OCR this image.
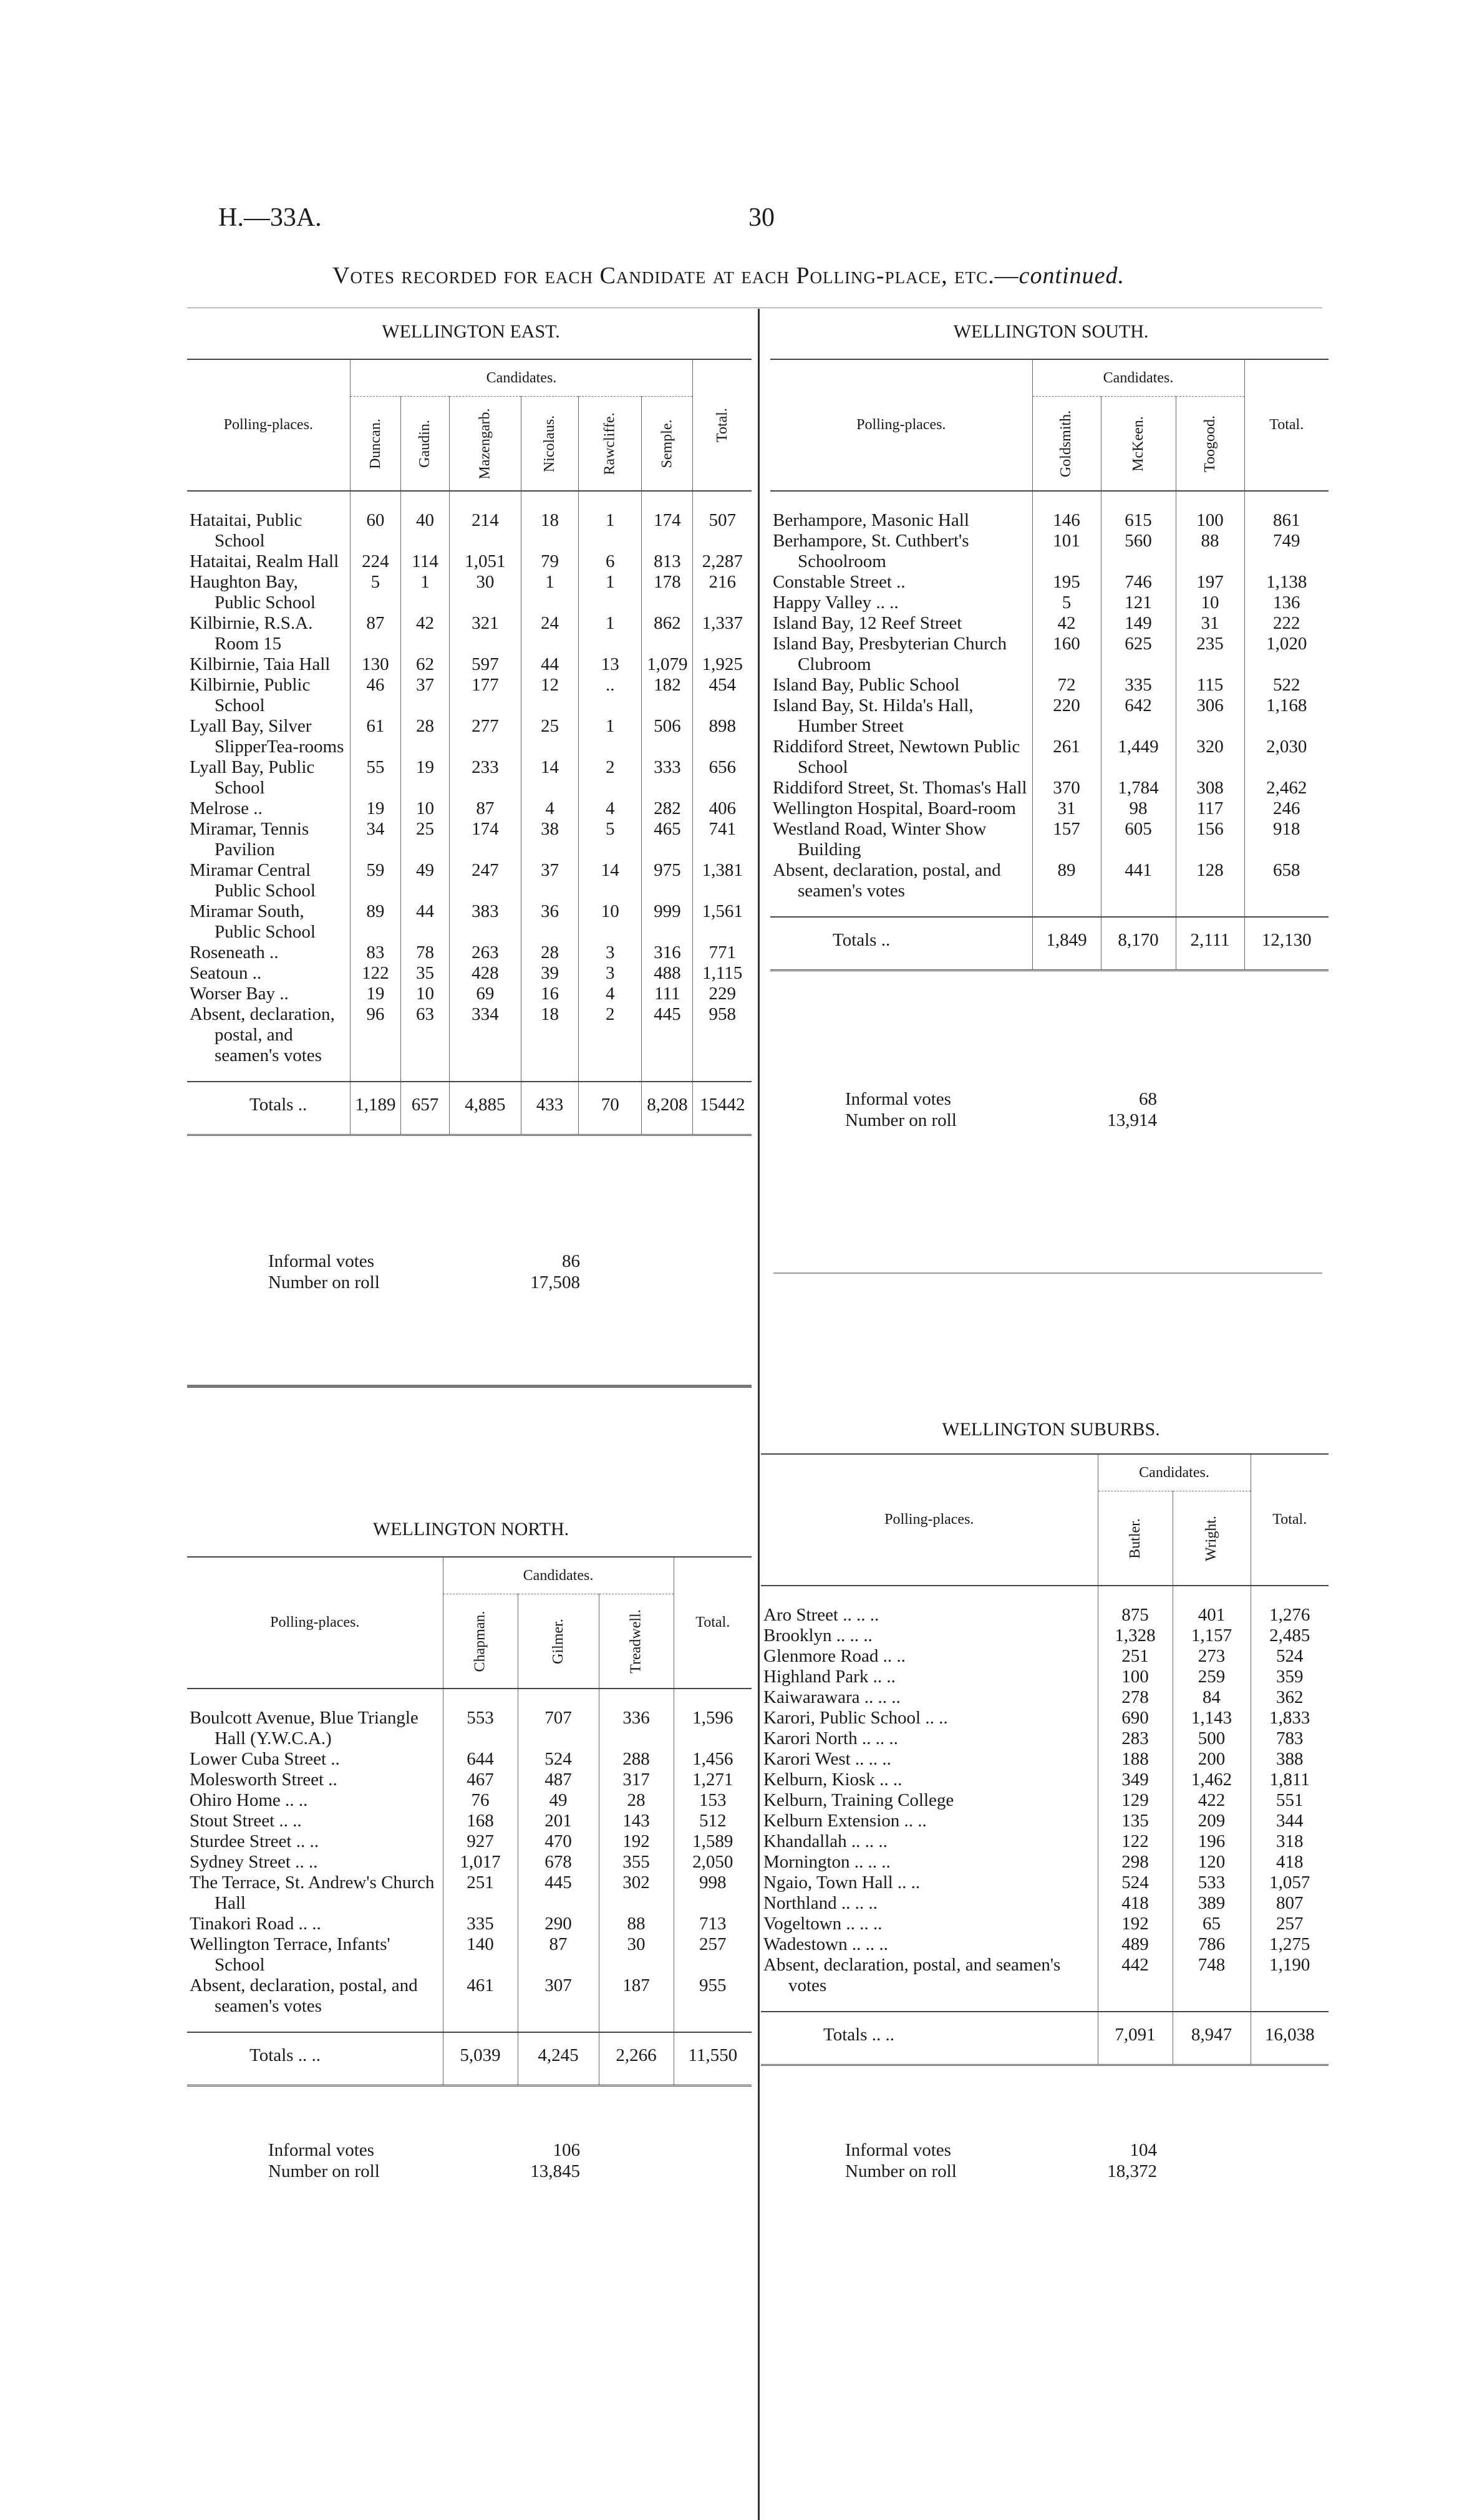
H.—33A.	30
Votes recorded for each Candidate at each Polling-place, etc.—continued.
WELLINGTON EAST.
Polling-places.	Candidates.						Total.
	Duncan.	Gaudin.	Mazengarb.	Nicolaus.	Rawcliffe.	Semple.	

Hataitai, Public School	60	40	214	18	1	174	507

Hataitai, Realm Hall	224	114	1,051	79	6	813	2,287

Haughton Bay, Public School	5	1	30	1	1	178	216

Kilbirnie, R.S.A. Room 15	87	42	321	24	1	862	1,337

Kilbirnie, Taia Hall	130	62	597	44	13	1,079	1,925

Kilbirnie, Public School	46	37	177	12	..	182	454

Lyall Bay, Silver SlipperTea-rooms	61	28	277	25	1	506	898

Lyall Bay, Public School	55	19	233	14	2	333	656

Melrose ..	19	10	87	4	4	282	406

Miramar, Tennis Pavilion	34	25	174	38	5	465	741

Miramar Central Public School	59	49	247	37	14	975	1,381

Miramar South, Public School	89	44	383	36	10	999	1,561

Roseneath ..	83	78	263	28	3	316	771

Seatoun ..	122	35	428	39	3	488	1,115

Worser Bay ..	19	10	69	16	4	111	229

Absent, declaration, postal, and seamen's votes	96	63	334	18	2	445	958
Totals ..	1,189	657	4,885	433	70	8,208	15442
Informal votes	86
Number on roll	17,508
WELLINGTON SOUTH.
Polling-places.	Candidates.			Total.
	Goldsmith.	McKeen.	Toogood.	

Berhampore, Masonic Hall	146	615	100	861

Berhampore, St. Cuthbert's Schoolroom	101	560	88	749

Constable Street ..	195	746	197	1,138

Happy Valley .. ..	5	121	10	136

Island Bay, 12 Reef Street	42	149	31	222

Island Bay, Presbyterian Church Clubroom	160	625	235	1,020

Island Bay, Public School	72	335	115	522

Island Bay, St. Hilda's Hall, Humber Street	220	642	306	1,168

Riddiford Street, Newtown Public School	261	1,449	320	2,030

Riddiford Street, St. Thomas's Hall	370	1,784	308	2,462

Wellington Hospital, Board-room	31	98	117	246

Westland Road, Winter Show Building	157	605	156	918

Absent, declaration, postal, and seamen's votes	89	441	128	658
Totals ..	1,849	8,170	2,111	12,130
Informal votes	68
Number on roll	13,914
WELLINGTON NORTH.
Polling-places.	Candidates.			Total.
	Chapman.	Gilmer.	Treadwell.	

Boulcott Avenue, Blue Triangle Hall (Y.W.C.A.)	553	707	336	1,596

Lower Cuba Street ..	644	524	288	1,456

Molesworth Street ..	467	487	317	1,271

Ohiro Home .. ..	76	49	28	153

Stout Street .. ..	168	201	143	512

Sturdee Street .. ..	927	470	192	1,589

Sydney Street .. ..	1,017	678	355	2,050

The Terrace, St. Andrew's Church Hall	251	445	302	998

Tinakori Road .. ..	335	290	88	713

Wellington Terrace, Infants' School	140	87	30	257

Absent, declaration, postal, and seamen's votes	461	307	187	955
Totals .. ..	5,039	4,245	2,266	11,550
Informal votes	106
Number on roll	13,845
WELLINGTON SUBURBS.
Polling-places.	Candidates.		Total.
	Butler.	Wright.	

Aro Street .. .. ..	875	401	1,276

Brooklyn .. .. ..	1,328	1,157	2,485

Glenmore Road .. ..	251	273	524

Highland Park .. ..	100	259	359

Kaiwarawara .. .. ..	278	84	362

Karori, Public School .. ..	690	1,143	1,833

Karori North .. .. ..	283	500	783

Karori West .. .. ..	188	200	388

Kelburn, Kiosk .. ..	349	1,462	1,811

Kelburn, Training College	129	422	551

Kelburn Extension .. ..	135	209	344

Khandallah .. .. ..	122	196	318

Mornington .. .. ..	298	120	418

Ngaio, Town Hall .. ..	524	533	1,057

Northland .. .. ..	418	389	807

Vogeltown .. .. ..	192	65	257

Wadestown .. .. ..	489	786	1,275

Absent, declaration, postal, and seamen's votes	442	748	1,190
Totals .. ..	7,091	8,947	16,038
Informal votes	104
Number on roll	18,372
